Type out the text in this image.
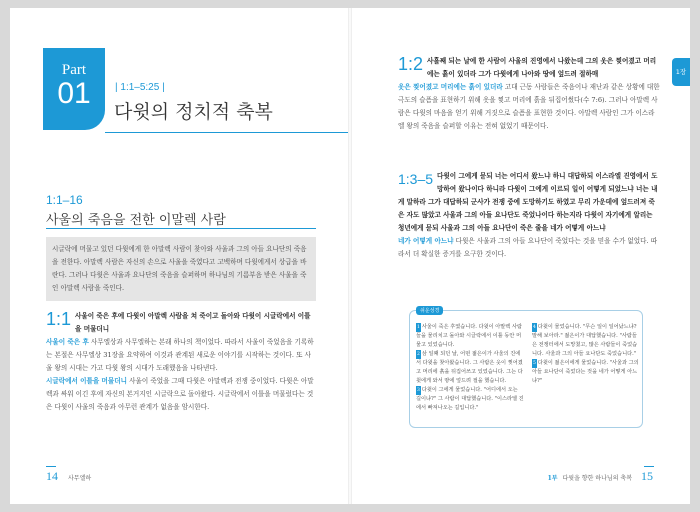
Part
01	| 1:1–5:25 |
다윗의 정치적 축복
1:1–16
사울의 죽음을 전한 이말렉 사람
시글락에 머물고 있던 다윗에게 한 아말렉 사람이 찾아와 사울과 그의 아들 요나단의 죽음을 전한다. 아말렉 사람은 자신의 손으로 사울을 죽였다고 고백하며 다윗에게서 상급을 바란다. 그러나 다윗은 사울과 요나단의 죽음을 슬퍼하며 하나님의 기름부음 받은 사울을 죽인 아말렉 사람을 죽인다.
1:1 사울이 죽은 후에 다윗이 아말렉 사람을 쳐 죽이고 돌아와 다윗이 시글락에서 이틀을 머물더니
사울이 죽은 후 사무엘상과 사무엘하는 본래 하나의 책이었다. 따라서 사울이 죽었음을 기록하는 본절은 사무엘상 31장을 요약하여 이것과 관계된 새로운 이야기를 시작하는 것이다. 또 사울 왕의 시대는 가고 다윗 왕의 시대가 도래했음을 나타낸다.
시글락에서 이틀을 머물더니 사울이 죽었을 그때 다윗은 아말렉과 전쟁 중이었다. 다윗은 아말렉과 싸워 이긴 후에 자신의 본거지인 시글락으로 돌아왔다. 시글락에서 이틀을 머물렀다는 것은 다윗이 사울의 죽음과 아무런 관계가 없음을 암시한다.
14 사무엘하
1장
1:2 사흘째 되는 날에 한 사람이 사울의 진영에서 나왔는데 그의 옷은 찢어졌고 머리에는 흙이 있더라 그가 다윗에게 나아와 땅에 엎드려 절하매
옷은 찢어졌고 머리에는 흙이 있더라 고대 근동 사람들은 죽음이나 재난과 같은 상황에 대한 극도의 슬픔을 표현하기 위해 옷을 찢고 머리에 흙을 뒤집어썼다(수 7:6). 그러나 아말렉 사람은 다윗의 마음을 얻기 위해 거짓으로 슬픔을 표현한 것이다. 아말렉 사람인 그가 이스라엘 왕의 죽음을 슬퍼할 이유는 전혀 없었기 때문이다.
1:3–5 다윗이 그에게 묻되 너는 어디서 왔느냐 하니 대답하되 이스라엘 진영에서 도망하여 왔나이다 하니라 다윗이 그에게 이르되 일이 어떻게 되었느냐 너는 내게 말하라 그가 대답하되 군사가 전쟁 중에 도망하기도 하였고 무리 가운데에 엎드러져 죽은 자도 많았고 사울과 그의 아들 요나단도 죽었나이다 하는지라 다윗이 자기에게 알리는 청년에게 묻되 사울과 그의 아들 요나단이 죽은 줄을 네가 어떻게 아느냐
네가 어떻게 아느냐 다윗은 사울과 그의 아들 요나단이 죽었다는 것을 믿을 수가 없었다. 따라서 더 확실한 증거를 요구한 것이다.
쉬운성경
1 사울이 죽은 후였습니다. 다윗이 아말렉 사람들을 물리치고 돌아와 시글락에서 이틀 동안 머물고 있었습니다.
2 삼 일째 되던 날, 어떤 젊은이가 사울의 진에서 다윗을 찾아왔습니다. 그 사람은 옷이 찢어졌고 머리에 흙을 뒤집어쓰고 있었습니다. 그는 다윗에게 와서 땅에 엎드려 절을 했습니다.
3 다윗이 그에게 물었습니다. "어디에서 오는 길이냐?" 그 사람이 대답했습니다. "이스라엘 진에서 빠져나오는 길입니다."
4 다윗이 물었습니다. "무슨 일이 일어났느냐? 말해 보아라." 젊은이가 대답했습니다. "사람들은 전쟁터에서 도망쳤고, 많은 사람들이 죽었습니다. 사울과 그의 아들 요나단도 죽었습니다."
5 다윗이 젊은이에게 물었습니다. "사울과 그의 아들 요나단이 죽었다는 것을 네가 어떻게 아느냐?"
1부 다윗을 향한 하나님의 축복 15
